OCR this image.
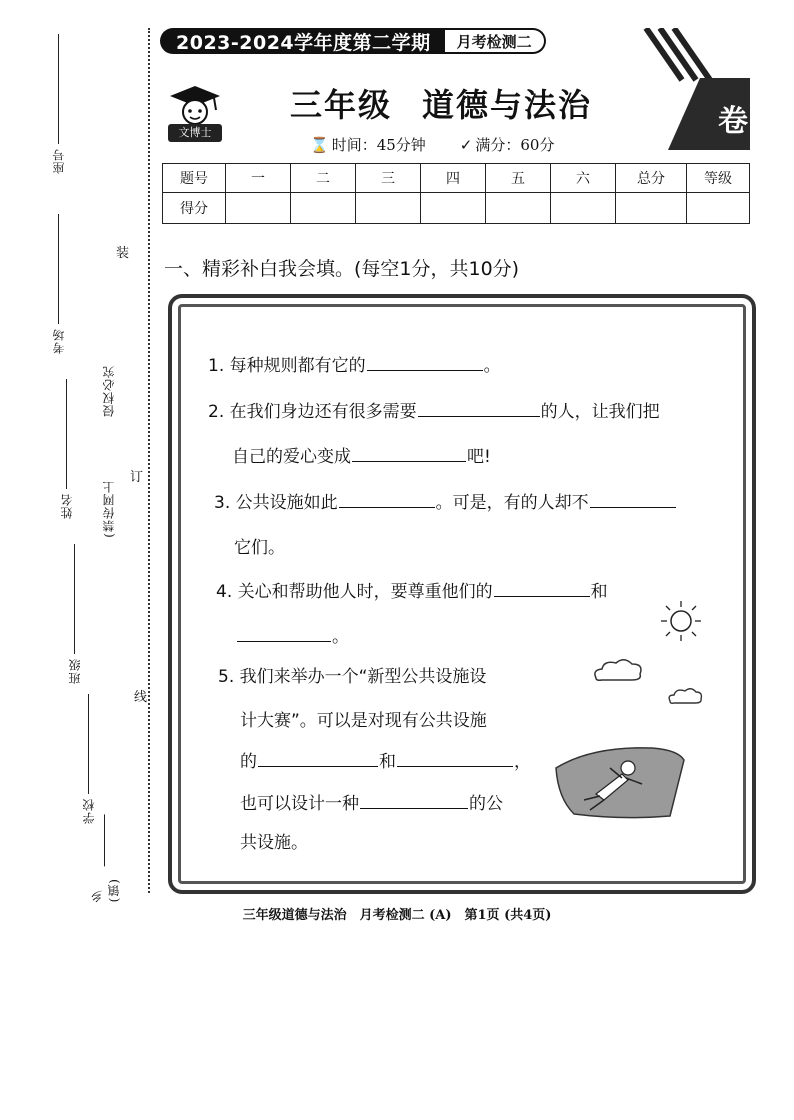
座号
考场
姓名
班级
学校
乡(镇)
侵权必究
(禁传网上
装
订
线
2023-2024学年度第二学期	月考检测二
卷
文博士
三年级 道德与法治
⌛ 时间：45分钟 ✓ 满分：60分
题号	一	二	三	四	五	六	总分	等级
得分								
一、精彩补白我会填。(每空1分，共10分)
1. 每种规则都有它的	。
2. 在我们身边还有很多需要	的人，让我们把
自己的爱心变成	吧!
3. 公共设施如此	。可是，有的人却不
它们。
4. 关心和帮助他人时，要尊重他们的	和
。
5. 我们来举办一个“新型公共设施设
计大赛”。可以是对现有公共设施
的	和	，
也可以设计一种	的公
共设施。
三年级道德与法治　月考检测二 (A)　第1页 (共4页)
